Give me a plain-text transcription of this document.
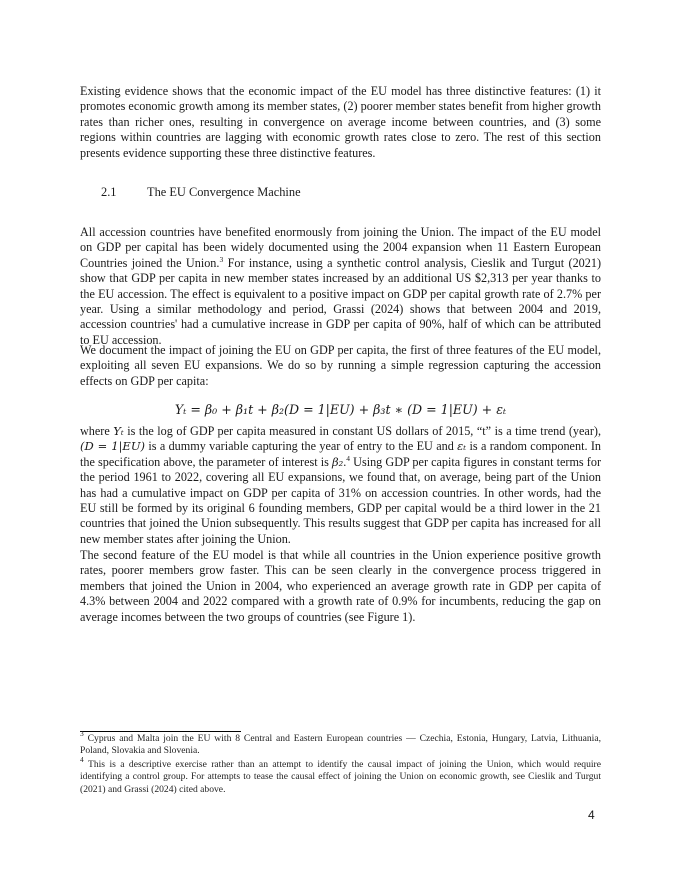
Existing evidence shows that the economic impact of the EU model has three distinctive features: (1) it promotes economic growth among its member states, (2) poorer member states benefit from higher growth rates than richer ones, resulting in convergence on average income between countries, and (3) some regions within countries are lagging with economic growth rates close to zero. The rest of this section presents evidence supporting these three distinctive features.

2.1 The EU Convergence Machine

All accession countries have benefited enormously from joining the Union. The impact of the EU model on GDP per capital has been widely documented using the 2004 expansion when 11 Eastern European Countries joined the Union.$^3$ For instance, using a synthetic control analysis, Cieslik and Turgut (2021) show that GDP per capita in new member states increased by an additional US $2,313 per year thanks to the EU accession. The effect is equivalent to a positive impact on GDP per capital growth rate of 2.7% per year. Using a similar methodology and period, Grassi (2024) shows that between 2004 and 2019, accession countries' had a cumulative increase in GDP per capita of 90%, half of which can be attributed to EU accession.

We document the impact of joining the EU on GDP per capita, the first of three features of the EU model, exploiting all seven EU expansions. We do so by running a simple regression capturing the accession effects on GDP per capita:

Yₜ = β₀ + β₁t + β₂(D = 1|EU) + β₃t ∗ (D = 1|EU) + εₜ

where Yₜ is the log of GDP per capita measured in constant US dollars of 2015, “t” is a time trend (year), (D = 1|EU) is a dummy variable capturing the year of entry to the EU and εₜ is a random component. In the specification above, the parameter of interest is β₂.$^4$ Using GDP per capita figures in constant terms for the period 1961 to 2022, covering all EU expansions, we found that, on average, being part of the Union has had a cumulative impact on GDP per capita of 31% on accession countries. In other words, had the EU still be formed by its original 6 founding members, GDP per capital would be a third lower in the 21 countries that joined the Union subsequently. This results suggest that GDP per capita has increased for all new member states after joining the Union.

The second feature of the EU model is that while all countries in the Union experience positive growth rates, poorer members grow faster. This can be seen clearly in the convergence process triggered in members that joined the Union in 2004, who experienced an average growth rate in GDP per capita of 4.3% between 2004 and 2022 compared with a growth rate of 0.9% for incumbents, reducing the gap on average incomes between the two groups of countries (see Figure 1).

$^3$ Cyprus and Malta join the EU with 8 Central and Eastern European countries — Czechia, Estonia, Hungary, Latvia, Lithuania, Poland, Slovakia and Slovenia.

$^4$ This is a descriptive exercise rather than an attempt to identify the causal impact of joining the Union, which would require identifying a control group. For attempts to tease the causal effect of joining the Union on economic growth, see Cieslik and Turgut (2021) and Grassi (2024) cited above.

4
